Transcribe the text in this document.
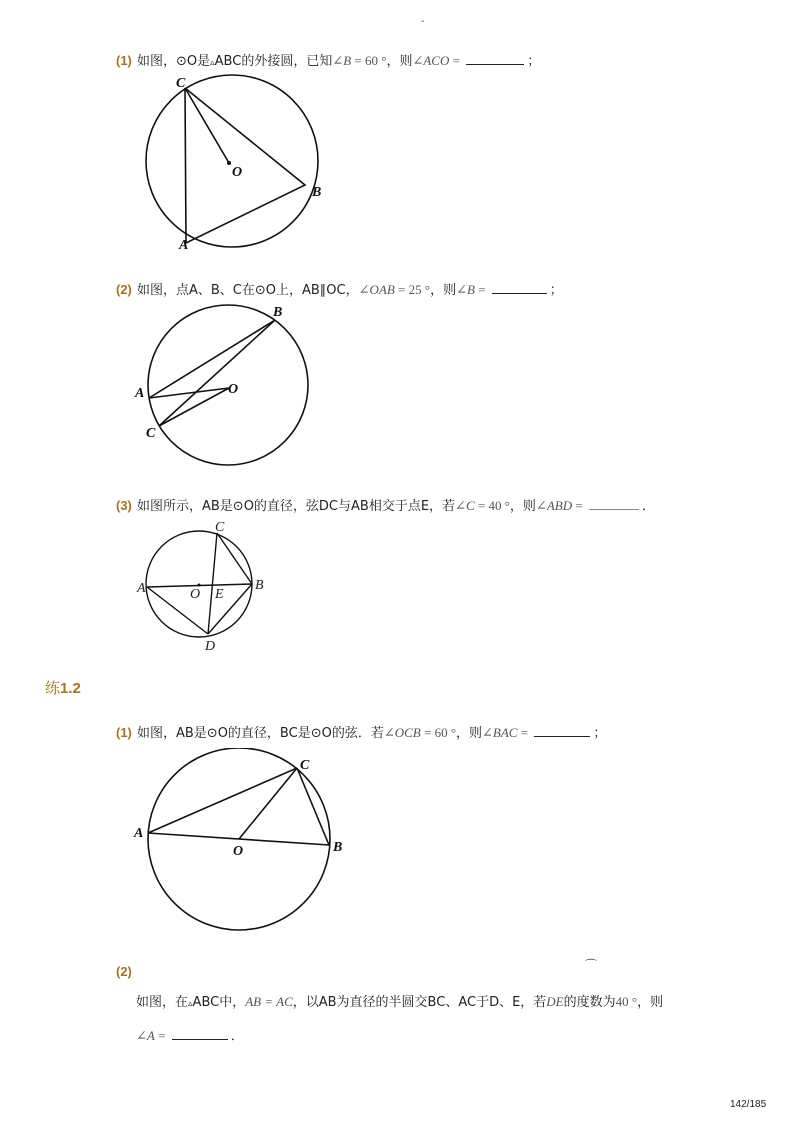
-
(1) 如图，⊙O是▵ABC的外接圆，已知∠B = 60 °，则∠ACO =	；
C
O
B
A
(2) 如图，点A、B、C在⊙O上，AB∥OC，∠OAB = 25 °，则∠B =	；
B
A	O
C
(3) 如图所示，AB是⊙O的直径，弦DC与AB相交于点E，若∠C = 40 °，则∠ABD =	．
C
A	O E
B
D
练1.2
(1) 如图，AB是⊙O的直径，BC是⊙O的弦．若∠OCB = 60 °，则∠BAC =	；
C
A
O	B
(2)	⌒
如图，在▵ABC中，AB = AC，以AB为直径的半圆交BC、AC于D、E，若DE的度数为40 °，则
∠A =	．
142/185
